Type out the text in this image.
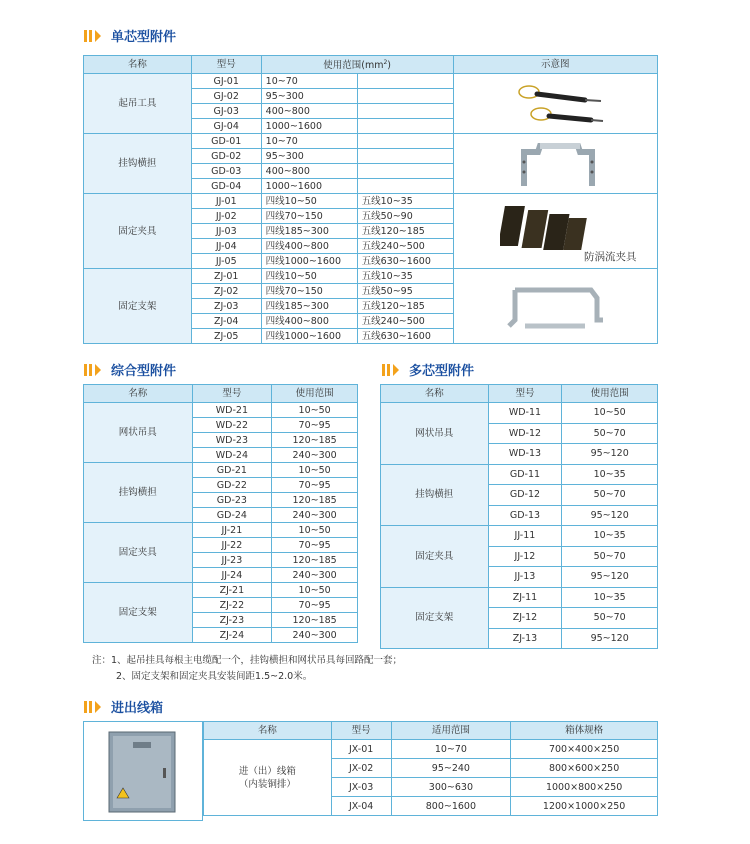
单芯型附件
名称	型号	使用范围$(mm^2)$		示意图
起吊工具	GJ-01	10~70		
	GJ-02	95~300		
	GJ-03	400~800		
	GJ-04	1000~1600		
挂钩横担	GD-01	10~70		
	GD-02	95~300		
	GD-03	400~800		
	GD-04	1000~1600		
固定夹具	JJ-01	四线10~50	五线10~35	
	JJ-02	四线70~150	五线50~90	
	JJ-03	四线185~300	五线120~185	
	JJ-04	四线400~800	五线240~500	
	JJ-05	四线1000~1600	五线630~1600	
固定支架	ZJ-01	四线10~50	五线10~35	
	ZJ-02	四线70~150	五线50~95	
	ZJ-03	四线185~300	五线120~185	
	ZJ-04	四线400~800	五线240~500	
	ZJ-05	四线1000~1600	五线630~1600	
防涡流夹具
综合型附件	多芯型附件
名称	型号	使用范围
网状吊具	WD-21	10~50
	WD-22	70~95
	WD-23	120~185
	WD-24	240~300
挂钩横担	GD-21	10~50
	GD-22	70~95
	GD-23	120~185
	GD-24	240~300
固定夹具	JJ-21	10~50
	JJ-22	70~95
	JJ-23	120~185
	JJ-24	240~300
固定支架	ZJ-21	10~50
	ZJ-22	70~95
	ZJ-23	120~185
	ZJ-24	240~300
名称	型号	使用范围
网状吊具	WD-11	10~50
	WD-12	50~70
	WD-13	95~120
挂钩横担	GD-11	10~35
	GD-12	50~70
	GD-13	95~120
固定夹具	JJ-11	10~35
	JJ-12	50~70
	JJ-13	95~120
固定支架	ZJ-11	10~35
	ZJ-12	50~70
	ZJ-13	95~120
注：1、起吊挂具每根主电缆配一个，挂钩横担和网状吊具每回路配一套；
2、固定支架和固定夹具安装间距1.5~2.0米。
进出线箱
名称	型号	适用范围	箱体规格

进（出）线箱
（内装铜排）	JX-01	10~70	700×400×250
	JX-02	95~240	800×600×250
	JX-03	300~630	1000×800×250
	JX-04	800~1600	1200×1000×250
